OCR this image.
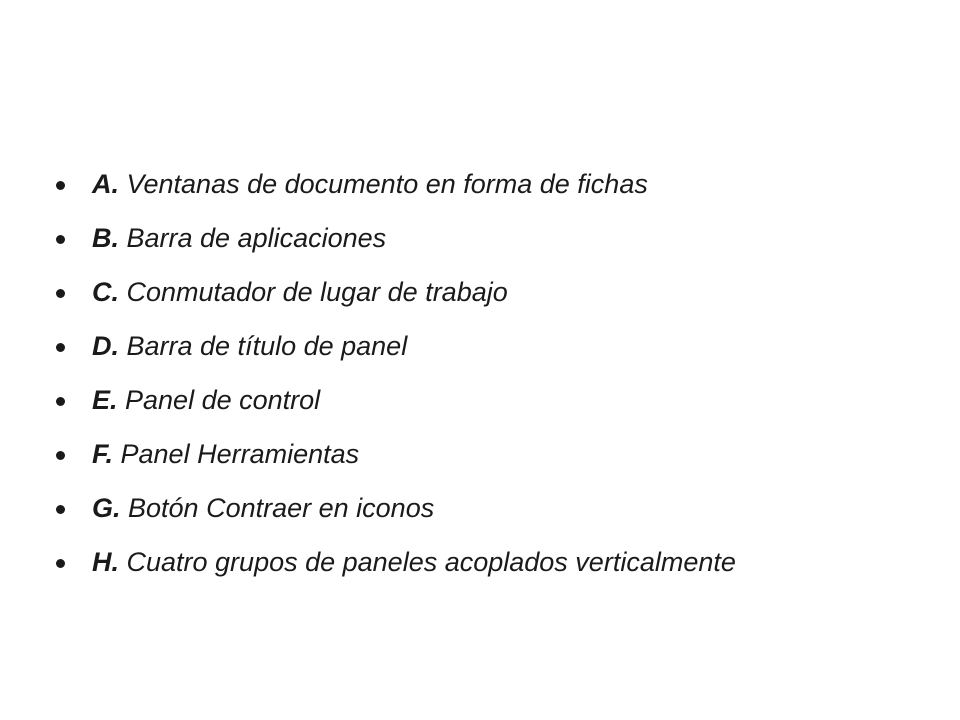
A. Ventanas de documento en forma de fichas
B. Barra de aplicaciones
C. Conmutador de lugar de trabajo
D. Barra de título de panel
E. Panel de control
F. Panel Herramientas
G. Botón Contraer en iconos
H. Cuatro grupos de paneles acoplados verticalmente
